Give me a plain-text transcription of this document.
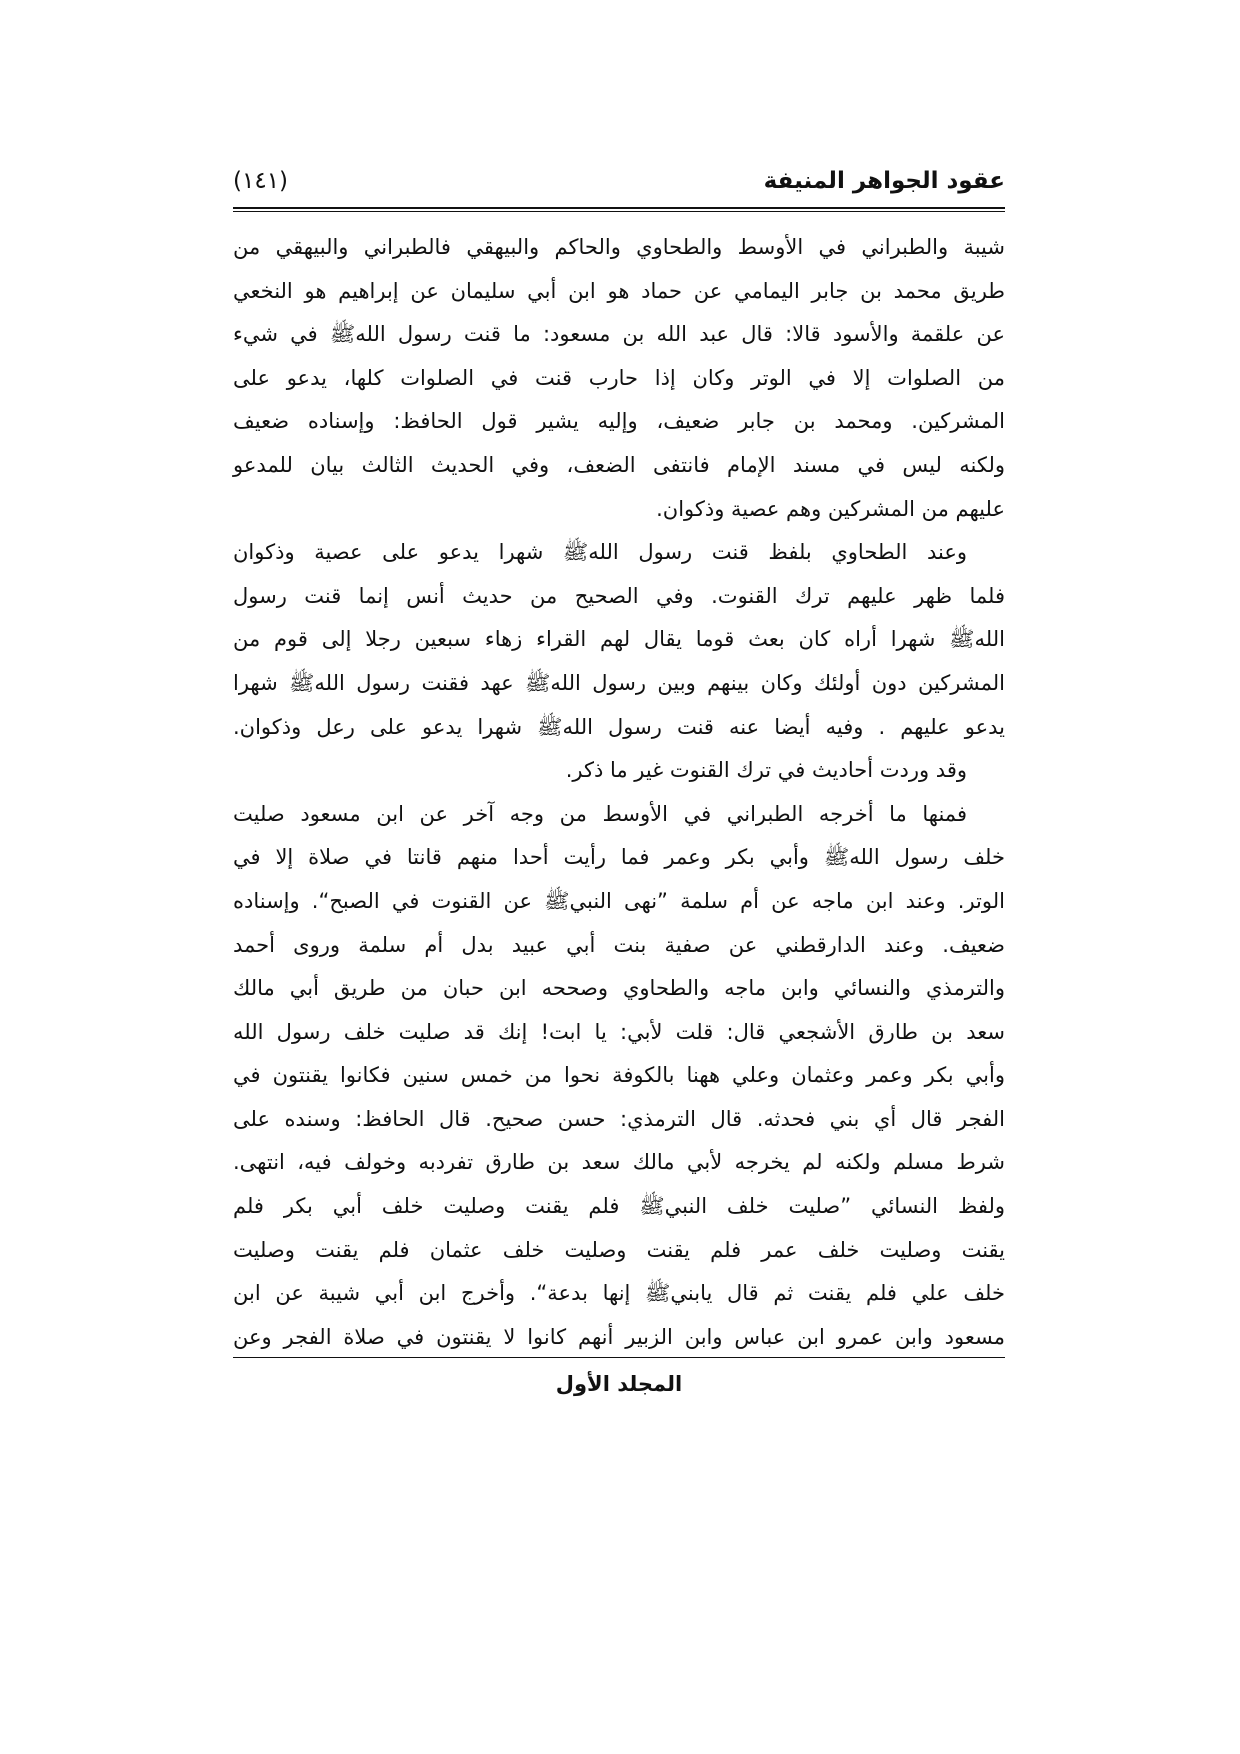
عقود الجواهر المنيفة
(١٤١)
شيبة والطبراني في الأوسط والطحاوي والحاكم والبيهقي فالطبراني والبيهقي من
طريق محمد بن جابر اليمامي عن حماد هو ابن أبي سليمان عن إبراهيم هو النخعي
عن علقمة والأسود قالا: قال عبد الله بن مسعود: ما قنت رسول اللهﷺ في شيء
من الصلوات إلا في الوتر وكان إذا حارب قنت في الصلوات كلها، يدعو على
المشركين. ومحمد بن جابر ضعيف، وإليه يشير قول الحافظ: وإسناده ضعيف
ولكنه ليس في مسند الإمام فانتفى الضعف، وفي الحديث الثالث بيان للمدعو
عليهم من المشركين وهم عصية وذكوان.
وعند الطحاوي بلفظ قنت رسول اللهﷺ شهرا يدعو على عصية وذكوان
فلما ظهر عليهم ترك القنوت. وفي الصحيح من حديث أنس إنما قنت رسول
اللهﷺ شهرا أراه كان بعث قوما يقال لهم القراء زهاء سبعين رجلا إلى قوم من
المشركين دون أولئك وكان بينهم وبين رسول اللهﷺ عهد فقنت رسول اللهﷺ شهرا
يدعو عليهم . وفيه أيضا عنه قنت رسول اللهﷺ شهرا يدعو على رعل وذكوان.
وقد وردت أحاديث في ترك القنوت غير ما ذكر.
فمنها ما أخرجه الطبراني في الأوسط من وجه آخر عن ابن مسعود صليت
خلف رسول اللهﷺ وأبي بكر وعمر فما رأيت أحدا منهم قانتا في صلاة إلا في
الوتر. وعند ابن ماجه عن أم سلمة ”نهى النبيﷺ عن القنوت في الصبح“. وإسناده
ضعيف. وعند الدارقطني عن صفية بنت أبي عبيد بدل أم سلمة وروى أحمد
والترمذي والنسائي وابن ماجه والطحاوي وصححه ابن حبان من طريق أبي مالك
سعد بن طارق الأشجعي قال: قلت لأبي: يا ابت! إنك قد صليت خلف رسول الله
وأبي بكر وعمر وعثمان وعلي ههنا بالكوفة نحوا من خمس سنين فكانوا يقنتون في
الفجر قال أي بني فحدثه. قال الترمذي: حسن صحيح. قال الحافظ: وسنده على
شرط مسلم ولكنه لم يخرجه لأبي مالك سعد بن طارق تفردبه وخولف فيه، انتهى.
ولفظ النسائي ”صليت خلف النبيﷺ فلم يقنت وصليت خلف أبي بكر فلم
يقنت وصليت خلف عمر فلم يقنت وصليت خلف عثمان فلم يقنت وصليت
خلف علي فلم يقنت ثم قال يابنيﷺ إنها بدعة“. وأخرج ابن أبي شيبة عن ابن
مسعود وابن عمرو ابن عباس وابن الزبير أنهم كانوا لا يقنتون في صلاة الفجر وعن
المجلد الأول
